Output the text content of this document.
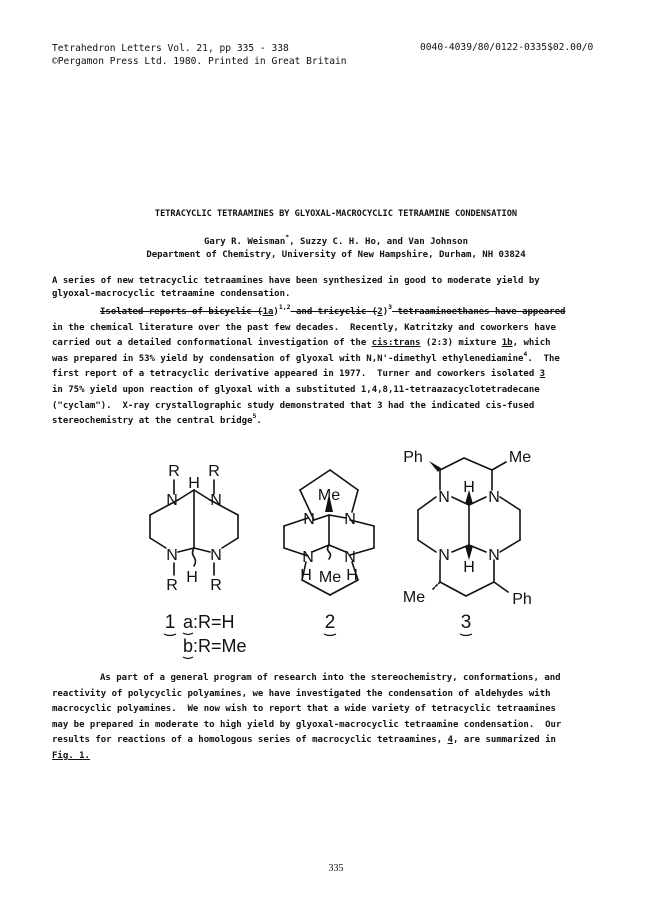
Tetrahedron Letters Vol. 21, pp 335 - 338
©Pergamon Press Ltd. 1980. Printed in Great Britain
0040-4039/80/0122-0335$02.00/0
TETRACYCLIC TETRAAMINES BY GLYOXAL-MACROCYCLIC TETRAAMINE CONDENSATION
Gary R. Weisman*, Suzzy C. H. Ho, and Van Johnson
Department of Chemistry, University of New Hampshire, Durham, NH 03824
A series of new tetracyclic tetraamines have been synthesized in good to moderate yield by
glyoxal-macrocyclic tetraamine condensation.
Isolated reports of bicyclic $(1a)^{1,2}$ and tricyclic $(2)^3$ tetraaminoethanes have appeared
in the chemical literature over the past few decades.  Recently, Katritzky and coworkers have
carried out a detailed conformational investigation of the cis:trans (2:3) mixture 1b, which
was prepared in 53% yield by condensation of glyoxal with N,N'-dimethyl ethylenediamine$^4$.  The
first report of a tetracyclic derivative appeared in 1977.  Turner and coworkers isolated 3
in 75% yield upon reaction of glyoxal with a substituted 1,4,8,11-tetraazacyclotetradecane
("cyclam").  X-ray crystallographic study demonstrated that 3 had the indicated cis-fused
stereochemistry at the central bridge$^5$.
R R
H
N N
N N
R H R
Me
N N
N N
H Me H
Ph	Me
H
N N
N N
H
Me	Ph
1	2	3
a:R=H
b:R=Me
As part of a general program of research into the stereochemistry, conformations, and
reactivity of polycyclic polyamines, we have investigated the condensation of aldehydes with
macrocyclic polyamines.  We now wish to report that a wide variety of tetracyclic tetraamines
may be prepared in moderate to high yield by glyoxal-macrocyclic tetraamine condensation.  Our
results for reactions of a homologous series of macrocyclic tetraamines, 4, are summarized in
Fig. 1.
335
